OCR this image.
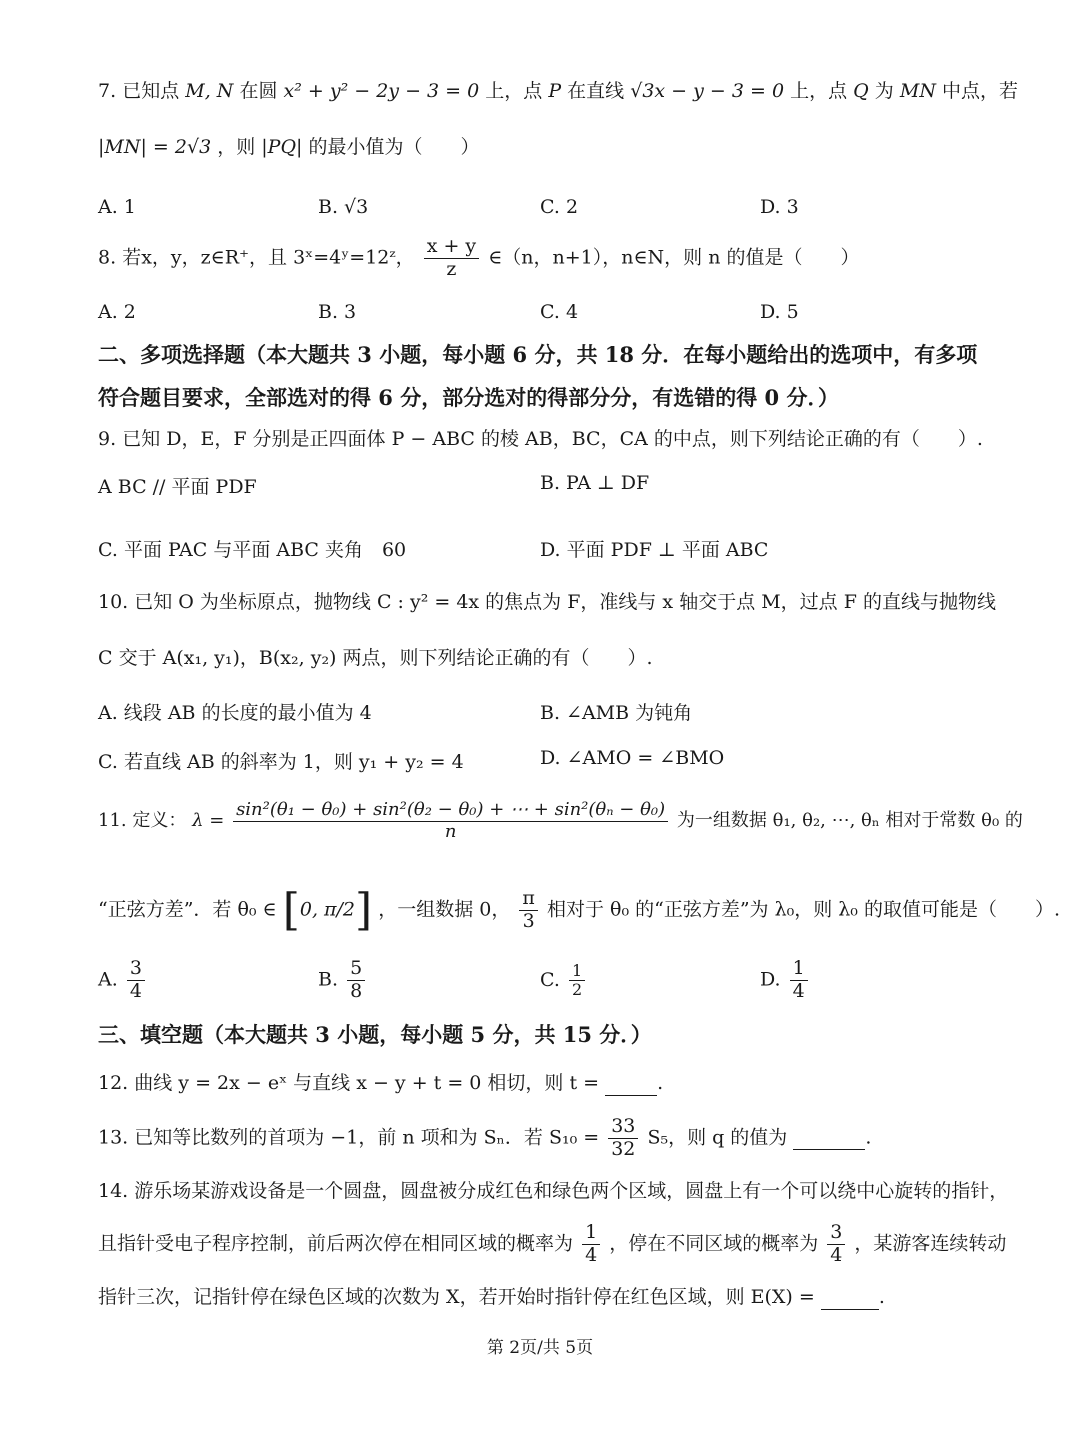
7. 已知点 M, N 在圆 x² + y² − 2y − 3 = 0 上，点 P 在直线 √3x − y − 3 = 0 上，点 Q 为 MN 中点，若
|MN| = 2√3 ，则 |PQ| 的最小值为（　　）
A. 1	B. √3	C. 2	D. 3
8. 若x，y，z∈R⁺，且 3ˣ=4ʸ=12ᶻ， $\frac{x + y}{z}$ ∈（n，n+1），n∈N，则 n 的值是（　　）
A. 2	B. 3	C. 4	D. 5
二、多项选择题（本大题共 3 小题，每小题 6 分，共 18 分．在每小题给出的选项中，有多项
符合题目要求，全部选对的得 6 分，部分选对的得部分分，有选错的得 0 分．）
9. 已知 D，E，F 分别是正四面体 P − ABC 的棱 AB，BC，CA 的中点，则下列结论正确的有（　　）.
A BC // 平面 PDF	B. PA ⊥ DF
C. 平面 PAC 与平面 ABC 夹角　60	D. 平面 PDF ⊥ 平面 ABC
10. 已知 O 为坐标原点，抛物线 C : y² = 4x 的焦点为 F，准线与 x 轴交于点 M，过点 F 的直线与抛物线
C 交于 A(x₁, y₁)，B(x₂, y₂) 两点，则下列结论正确的有（　　）.
A. 线段 AB 的长度的最小值为 4	B. ∠AMB 为钝角
C. 若直线 AB 的斜率为 1，则 y₁ + y₂ = 4	D. ∠AMO = ∠BMO
11. 定义： $\lambda = \frac{\text{sin²(θ₁ − θ₀) + sin²(θ₂ − θ₀) + ⋯ + sin²(θₙ − θ₀)}}{n}$ 为一组数据 θ₁, θ₂, ⋯, θₙ 相对于常数 θ₀ 的
“正弦方差”．若 θ₀ ∈ [0, π/2] ，一组数据 0， $\frac{\pi}{3}$ 相对于 θ₀ 的“正弦方差”为 λ₀，则 λ₀ 的取值可能是（　　）.
A. $\frac{3}{4}$	B. $\frac{5}{8}$	C. $\frac{1}{2}$	D. $\frac{1}{4}$
三、填空题（本大题共 3 小题，每小题 5 分，共 15 分．）
12. 曲线 y = 2x − eˣ 与直线 x − y + t = 0 相切，则 t =	.
13. 已知等比数列的首项为 −1，前 n 项和为 Sₙ．若 $S_{10} = \frac{33}{32} S_5$，则 q 的值为	.
14. 游乐场某游戏设备是一个圆盘，圆盘被分成红色和绿色两个区域，圆盘上有一个可以绕中心旋转的指针，
且指针受电子程序控制，前后两次停在相同区域的概率为 $\frac{1}{4}$ ，停在不同区域的概率为 $\frac{3}{4}$ ，某游客连续转动
指针三次，记指针停在绿色区域的次数为 X，若开始时指针停在红色区域，则 E(X) =	.
第 2页/共 5页
